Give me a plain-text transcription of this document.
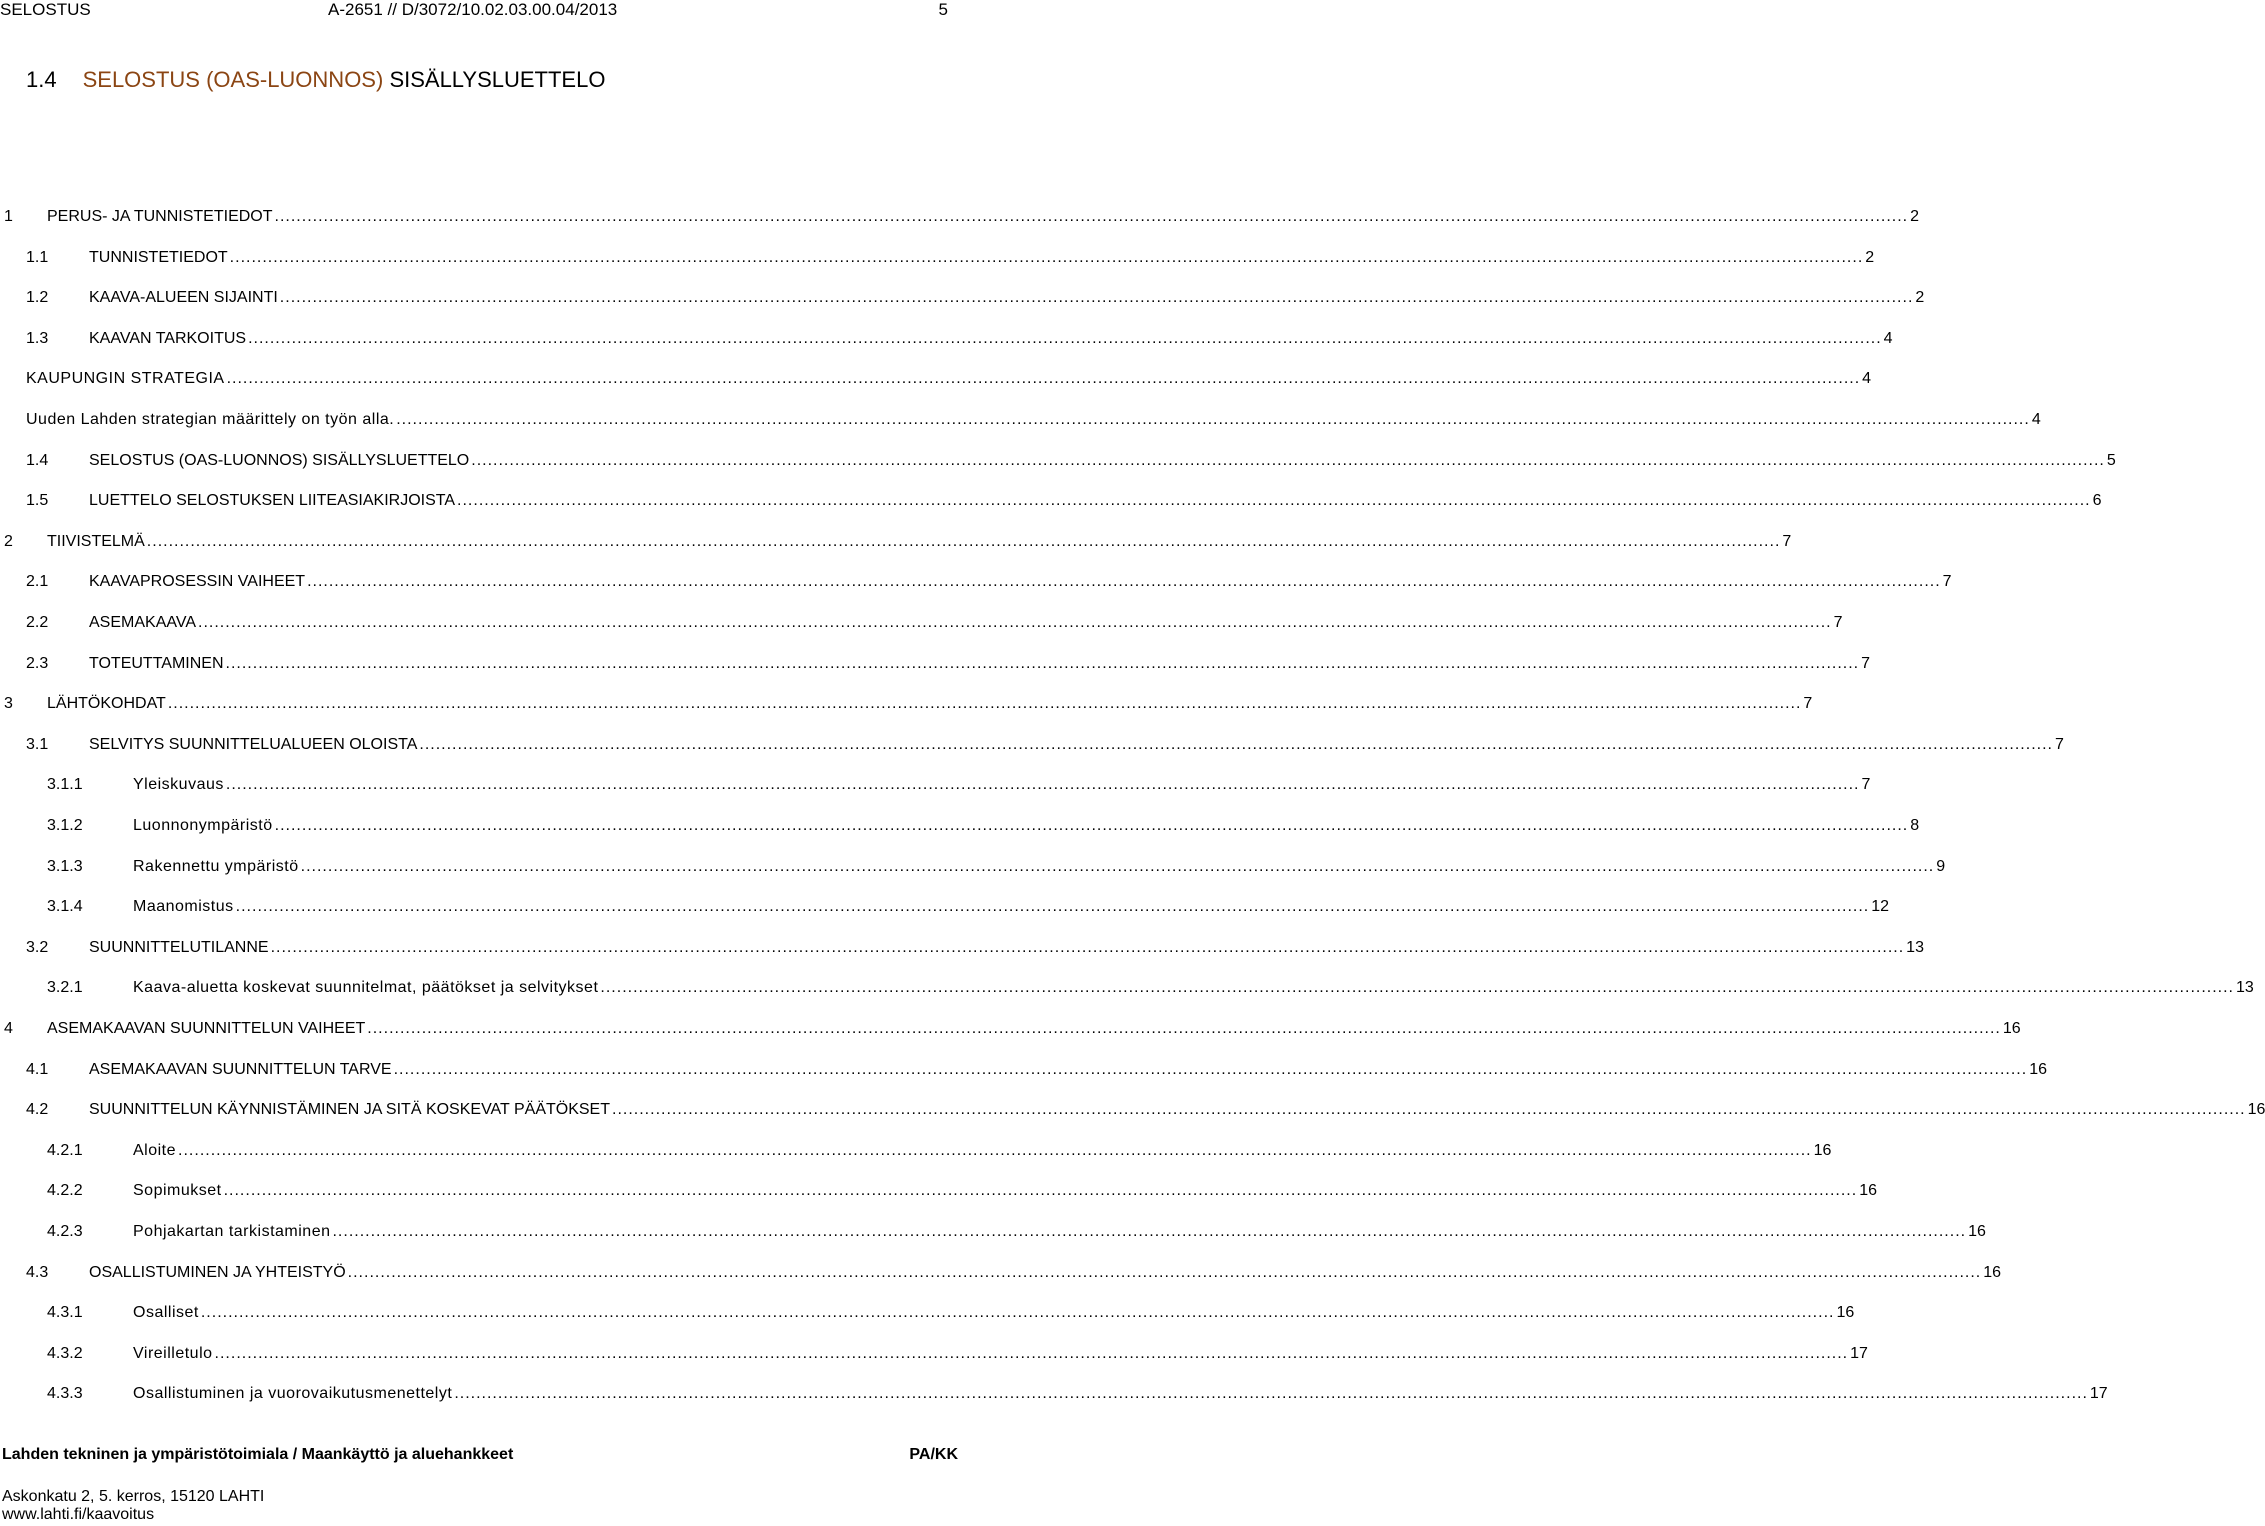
SELOSTUS	A-2651 // D/3072/10.02.03.00.04/2013	5
1.4 SELOSTUS (OAS-LUONNOS) SISÄLLYSLUETTELO
1 PERUS- JA TUNNISTETIEDOT ............................................................................................................................................................................................................................................................................................................ 2
1.1	TUNNISTETIEDOT ............................................................................................................................................................................................................................................................................................................ 2
1.2	KAAVA-ALUEEN SIJAINTI ............................................................................................................................................................................................................................................................................................................ 2
1.3	KAAVAN TARKOITUS ............................................................................................................................................................................................................................................................................................................ 4
KAUPUNGIN STRATEGIA ............................................................................................................................................................................................................................................................................................................ 4
Uuden Lahden strategian määrittely on työn alla. ............................................................................................................................................................................................................................................................................................................ 4
1.4	SELOSTUS (OAS-LUONNOS) SISÄLLYSLUETTELO ............................................................................................................................................................................................................................................................................................................ 5
1.5	LUETTELO SELOSTUKSEN LIITEASIAKIRJOISTA ............................................................................................................................................................................................................................................................................................................ 6
2 TIIVISTELMÄ ............................................................................................................................................................................................................................................................................................................ 7
2.1	KAAVAPROSESSIN VAIHEET ............................................................................................................................................................................................................................................................................................................ 7
2.2	ASEMAKAAVA ............................................................................................................................................................................................................................................................................................................ 7
2.3	TOTEUTTAMINEN ............................................................................................................................................................................................................................................................................................................ 7
3 LÄHTÖKOHDAT ............................................................................................................................................................................................................................................................................................................ 7
3.1	SELVITYS SUUNNITTELUALUEEN OLOISTA ............................................................................................................................................................................................................................................................................................................ 7
3.1.1	Yleiskuvaus ............................................................................................................................................................................................................................................................................................................ 7
3.1.2	Luonnonympäristö ............................................................................................................................................................................................................................................................................................................ 8
3.1.3	Rakennettu ympäristö ............................................................................................................................................................................................................................................................................................................ 9
3.1.4	Maanomistus ............................................................................................................................................................................................................................................................................................................ 12
3.2	SUUNNITTELUTILANNE ............................................................................................................................................................................................................................................................................................................ 13
3.2.1	Kaava-aluetta koskevat suunnitelmat, päätökset ja selvitykset ............................................................................................................................................................................................................................................................................................................ 13
4 ASEMAKAAVAN SUUNNITTELUN VAIHEET ............................................................................................................................................................................................................................................................................................................ 16
4.1	ASEMAKAAVAN SUUNNITTELUN TARVE ............................................................................................................................................................................................................................................................................................................ 16
4.2	SUUNNITTELUN KÄYNNISTÄMINEN JA SITÄ KOSKEVAT PÄÄTÖKSET ............................................................................................................................................................................................................................................................................................................ 16
4.2.1	Aloite ............................................................................................................................................................................................................................................................................................................ 16
4.2.2	Sopimukset ............................................................................................................................................................................................................................................................................................................ 16
4.2.3	Pohjakartan tarkistaminen ............................................................................................................................................................................................................................................................................................................ 16
4.3	OSALLISTUMINEN JA YHTEISTYÖ ............................................................................................................................................................................................................................................................................................................ 16
4.3.1	Osalliset ............................................................................................................................................................................................................................................................................................................ 16
4.3.2	Vireilletulo ............................................................................................................................................................................................................................................................................................................ 17
4.3.3	Osallistuminen ja vuorovaikutusmenettelyt ............................................................................................................................................................................................................................................................................................................ 17
Lahden tekninen ja ympäristötoimiala / Maankäyttö ja aluehankkeet	PA/KK
Askonkatu 2, 5. kerros, 15120 LAHTI
www.lahti.fi/kaavoitus
